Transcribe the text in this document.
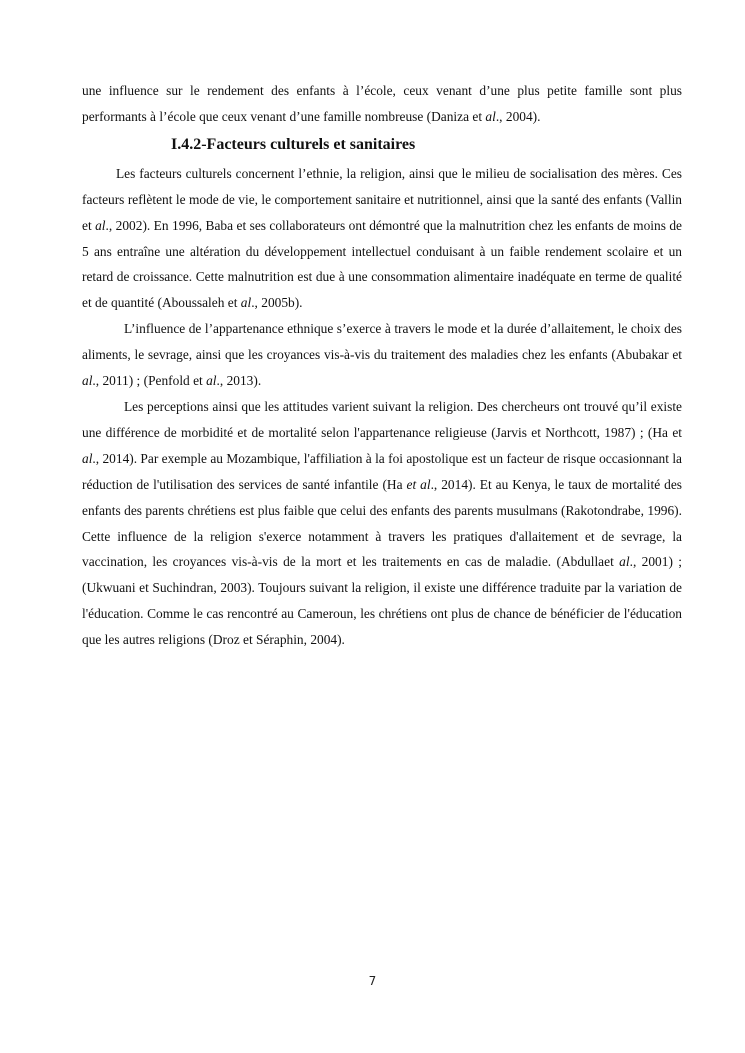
une influence sur le rendement des enfants à l’école, ceux venant d’une plus petite famille sont plus performants à l’école que ceux venant d’une famille nombreuse (Daniza et al., 2004).

I.4.2-Facteurs culturels et sanitaires

Les facteurs culturels concernent l’ethnie, la religion, ainsi que le milieu de socialisation des mères. Ces facteurs reflètent le mode de vie, le comportement sanitaire et nutritionnel, ainsi que la santé des enfants (Vallin et al., 2002). En 1996, Baba et ses collaborateurs ont démontré que la malnutrition chez les enfants de moins de 5 ans entraîne une altération du développement intellectuel conduisant à un faible rendement scolaire et un retard de croissance. Cette malnutrition est due à une consommation alimentaire inadéquate en terme de qualité et de quantité (Aboussaleh et al., 2005b).

L’influence de l’appartenance ethnique s’exerce à travers le mode et la durée d’allaitement, le choix des aliments, le sevrage, ainsi que les croyances vis-à-vis du traitement des maladies chez les enfants (Abubakar et al., 2011) ; (Penfold et al., 2013).

Les perceptions ainsi que les attitudes varient suivant la religion. Des chercheurs ont trouvé qu’il existe une différence de morbidité et de mortalité selon l'appartenance religieuse (Jarvis et Northcott, 1987) ; (Ha et al., 2014). Par exemple au Mozambique, l'affiliation à la foi apostolique est un facteur de risque occasionnant la réduction de l'utilisation des services de santé infantile (Ha et al., 2014). Et au Kenya, le taux de mortalité des enfants des parents chrétiens est plus faible que celui des enfants des parents musulmans (Rakotondrabe, 1996). Cette influence de la religion s'exerce notamment à travers les pratiques d'allaitement et de sevrage, la vaccination, les croyances vis-à-vis de la mort et les traitements en cas de maladie. (Abdullaet al., 2001) ; (Ukwuani et Suchindran, 2003). Toujours suivant la religion, il existe une différence traduite par la variation de l'éducation. Comme le cas rencontré au Cameroun, les chrétiens ont plus de chance de bénéficier de l'éducation que les autres religions (Droz et Séraphin, 2004).

7
